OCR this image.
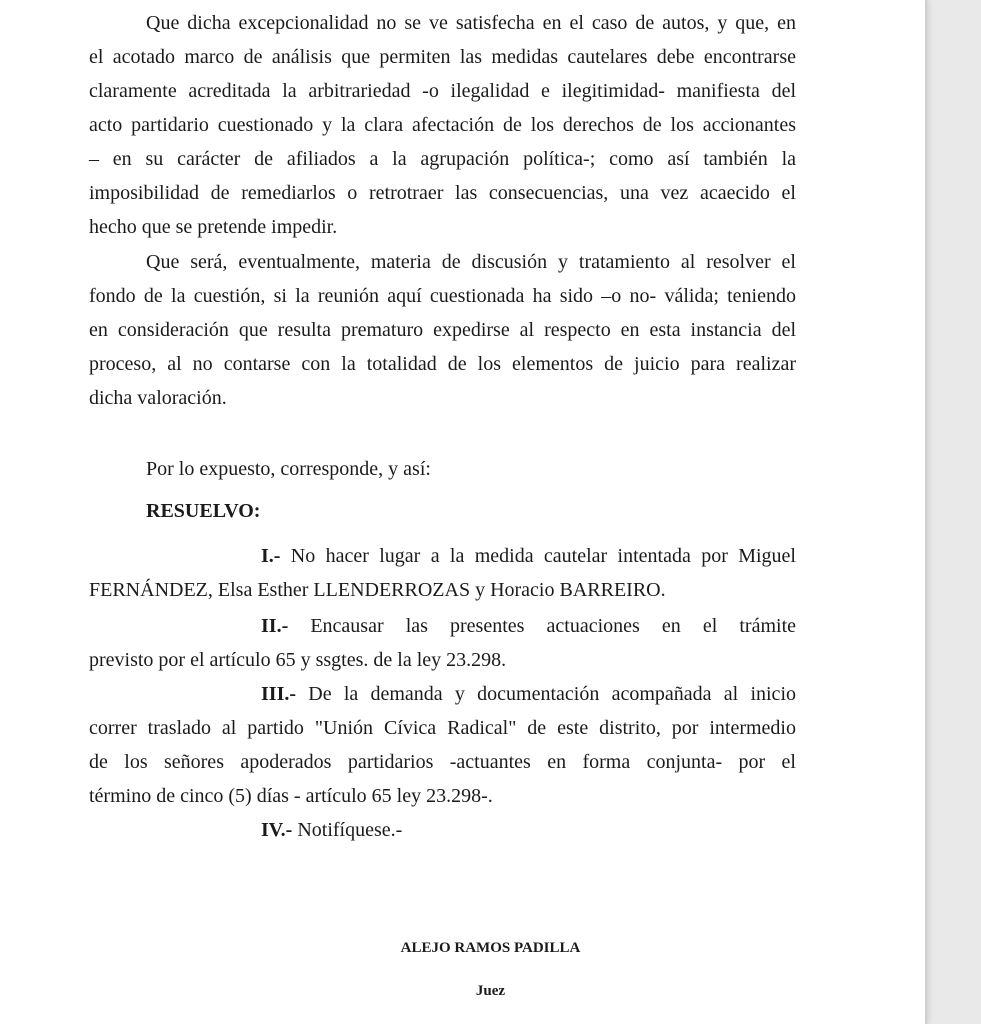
Que dicha excepcionalidad no se ve satisfecha en el caso de autos, y que, en
el acotado marco de análisis que permiten las medidas cautelares debe encontrarse
claramente acreditada la arbitrariedad -o ilegalidad e ilegitimidad- manifiesta del
acto partidario cuestionado y la clara afectación de los derechos de los accionantes
– en su carácter de afiliados a la agrupación política-; como así también la
imposibilidad de remediarlos o retrotraer las consecuencias, una vez acaecido el
hecho que se pretende impedir.
Que será, eventualmente, materia de discusión y tratamiento al resolver el
fondo de la cuestión, si la reunión aquí cuestionada ha sido –o no- válida; teniendo
en consideración que resulta prematuro expedirse al respecto en esta instancia del
proceso, al no contarse con la totalidad de los elementos de juicio para realizar
dicha valoración.
Por lo expuesto, corresponde, y así:
RESUELVO:
I.- No hacer lugar a la medida cautelar intentada por Miguel
FERNÁNDEZ, Elsa Esther LLENDERROZAS y Horacio BARREIRO.
II.- Encausar las presentes actuaciones en el trámite
previsto por el artículo 65 y ssgtes. de la ley 23.298.
III.- De la demanda y documentación acompañada al inicio
correr traslado al partido "Unión Cívica Radical" de este distrito, por intermedio
de los señores apoderados partidarios -actuantes en forma conjunta- por el
término de cinco (5) días - artículo 65 ley 23.298-.
IV.- Notifíquese.-
ALEJO RAMOS PADILLA
Juez
